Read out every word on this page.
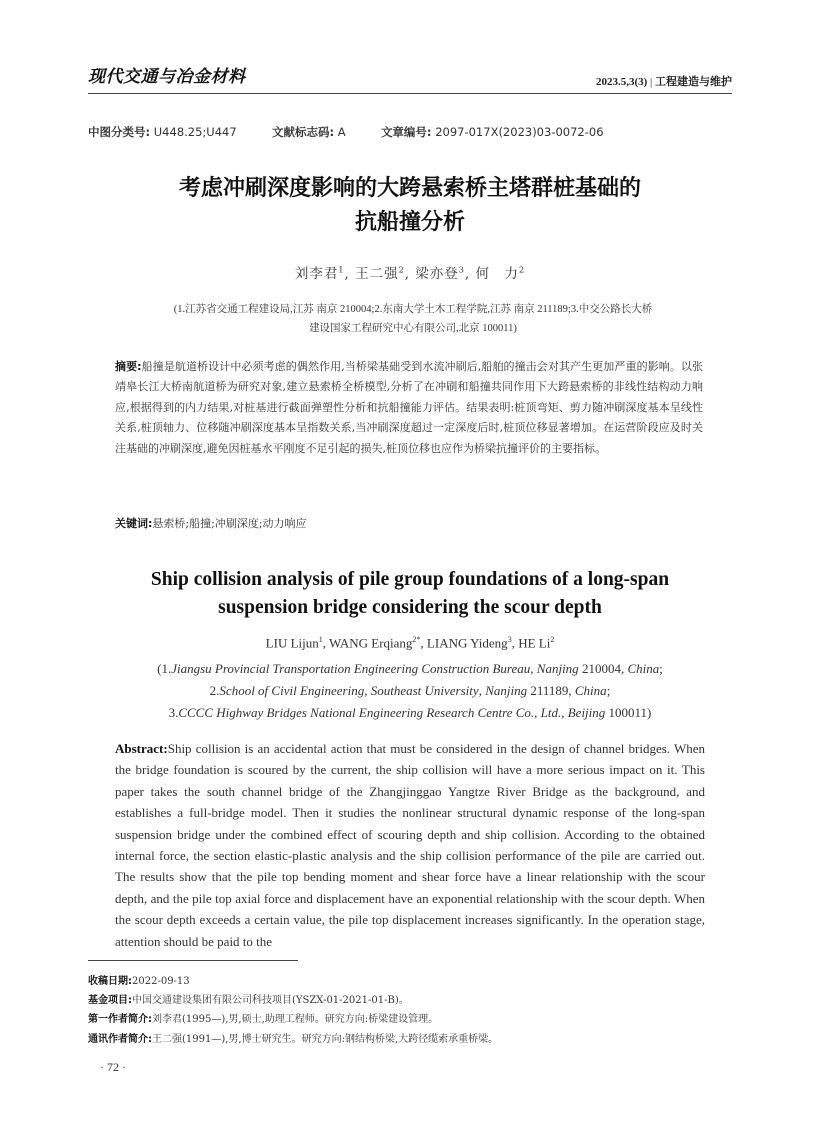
现代交通与冶金材料	2023.5,3(3) | 工程建造与维护
中图分类号: U448.25;U447	文献标志码: A	文章编号: 2097-017X(2023)03-0072-06
考虑冲刷深度影响的大跨悬索桥主塔群桩基础的
抗船撞分析
刘李君$^1$, 王二强$^2$, 梁亦登$^3$, 何　力$^2$
(1.江苏省交通工程建设局,江苏 南京 210004;2.东南大学土木工程学院,江苏 南京 211189;3.中交公路长大桥
建设国家工程研究中心有限公司,北京 100011)
摘要:船撞是航道桥设计中必须考虑的偶然作用,当桥梁基础受到水流冲刷后,船舶的撞击会对其产生更加严重的影响。以张靖皋长江大桥南航道桥为研究对象,建立悬索桥全桥模型,分析了在冲刷和船撞共同作用下大跨悬索桥的非线性结构动力响应,根据得到的内力结果,对桩基进行截面弹塑性分析和抗船撞能力评估。结果表明:桩顶弯矩、剪力随冲刷深度基本呈线性关系,桩顶轴力、位移随冲刷深度基本呈指数关系,当冲刷深度超过一定深度后时,桩顶位移显著增加。在运营阶段应及时关注基础的冲刷深度,避免因桩基水平刚度不足引起的损失,桩顶位移也应作为桥梁抗撞评价的主要指标。
关键词:悬索桥;船撞;冲刷深度;动力响应
Ship collision analysis of pile group foundations of a long-span
suspension bridge considering the scour depth
LIU Lijun$^1$, WANG Erqiang$^{2*}$, LIANG Yideng$^3$, HE Li$^2$
(1.Jiangsu Provincial Transportation Engineering Construction Bureau, Nanjing 210004, China;
2.School of Civil Engineering, Southeast University, Nanjing 211189, China;
3.CCCC Highway Bridges National Engineering Research Centre Co., Ltd., Beijing 100011)
Abstract:Ship collision is an accidental action that must be considered in the design of channel bridges. When the bridge foundation is scoured by the current, the ship collision will have a more serious impact on it. This paper takes the south channel bridge of the Zhangjinggao Yangtze River Bridge as the background, and establishes a full-bridge model. Then it studies the nonlinear structural dynamic response of the long-span suspension bridge under the combined effect of scouring depth and ship collision. According to the obtained internal force, the section elastic-plastic analysis and the ship collision performance of the pile are carried out. The results show that the pile top bending moment and shear force have a linear relationship with the scour depth, and the pile top axial force and displacement have an exponential relationship with the scour depth. When the scour depth exceeds a certain value, the pile top displacement increases significantly. In the operation stage, attention should be paid to the
收稿日期:2022-09-13
基金项目:中国交通建设集团有限公司科技项目(YSZX-01-2021-01-B)。
第一作者简介:刘李君(1995—),男,硕士,助理工程师。研究方向:桥梁建设管理。
通讯作者简介:王二强(1991—),男,博士研究生。研究方向:钢结构桥梁,大跨径缆索承重桥梁。
· 72 ·
